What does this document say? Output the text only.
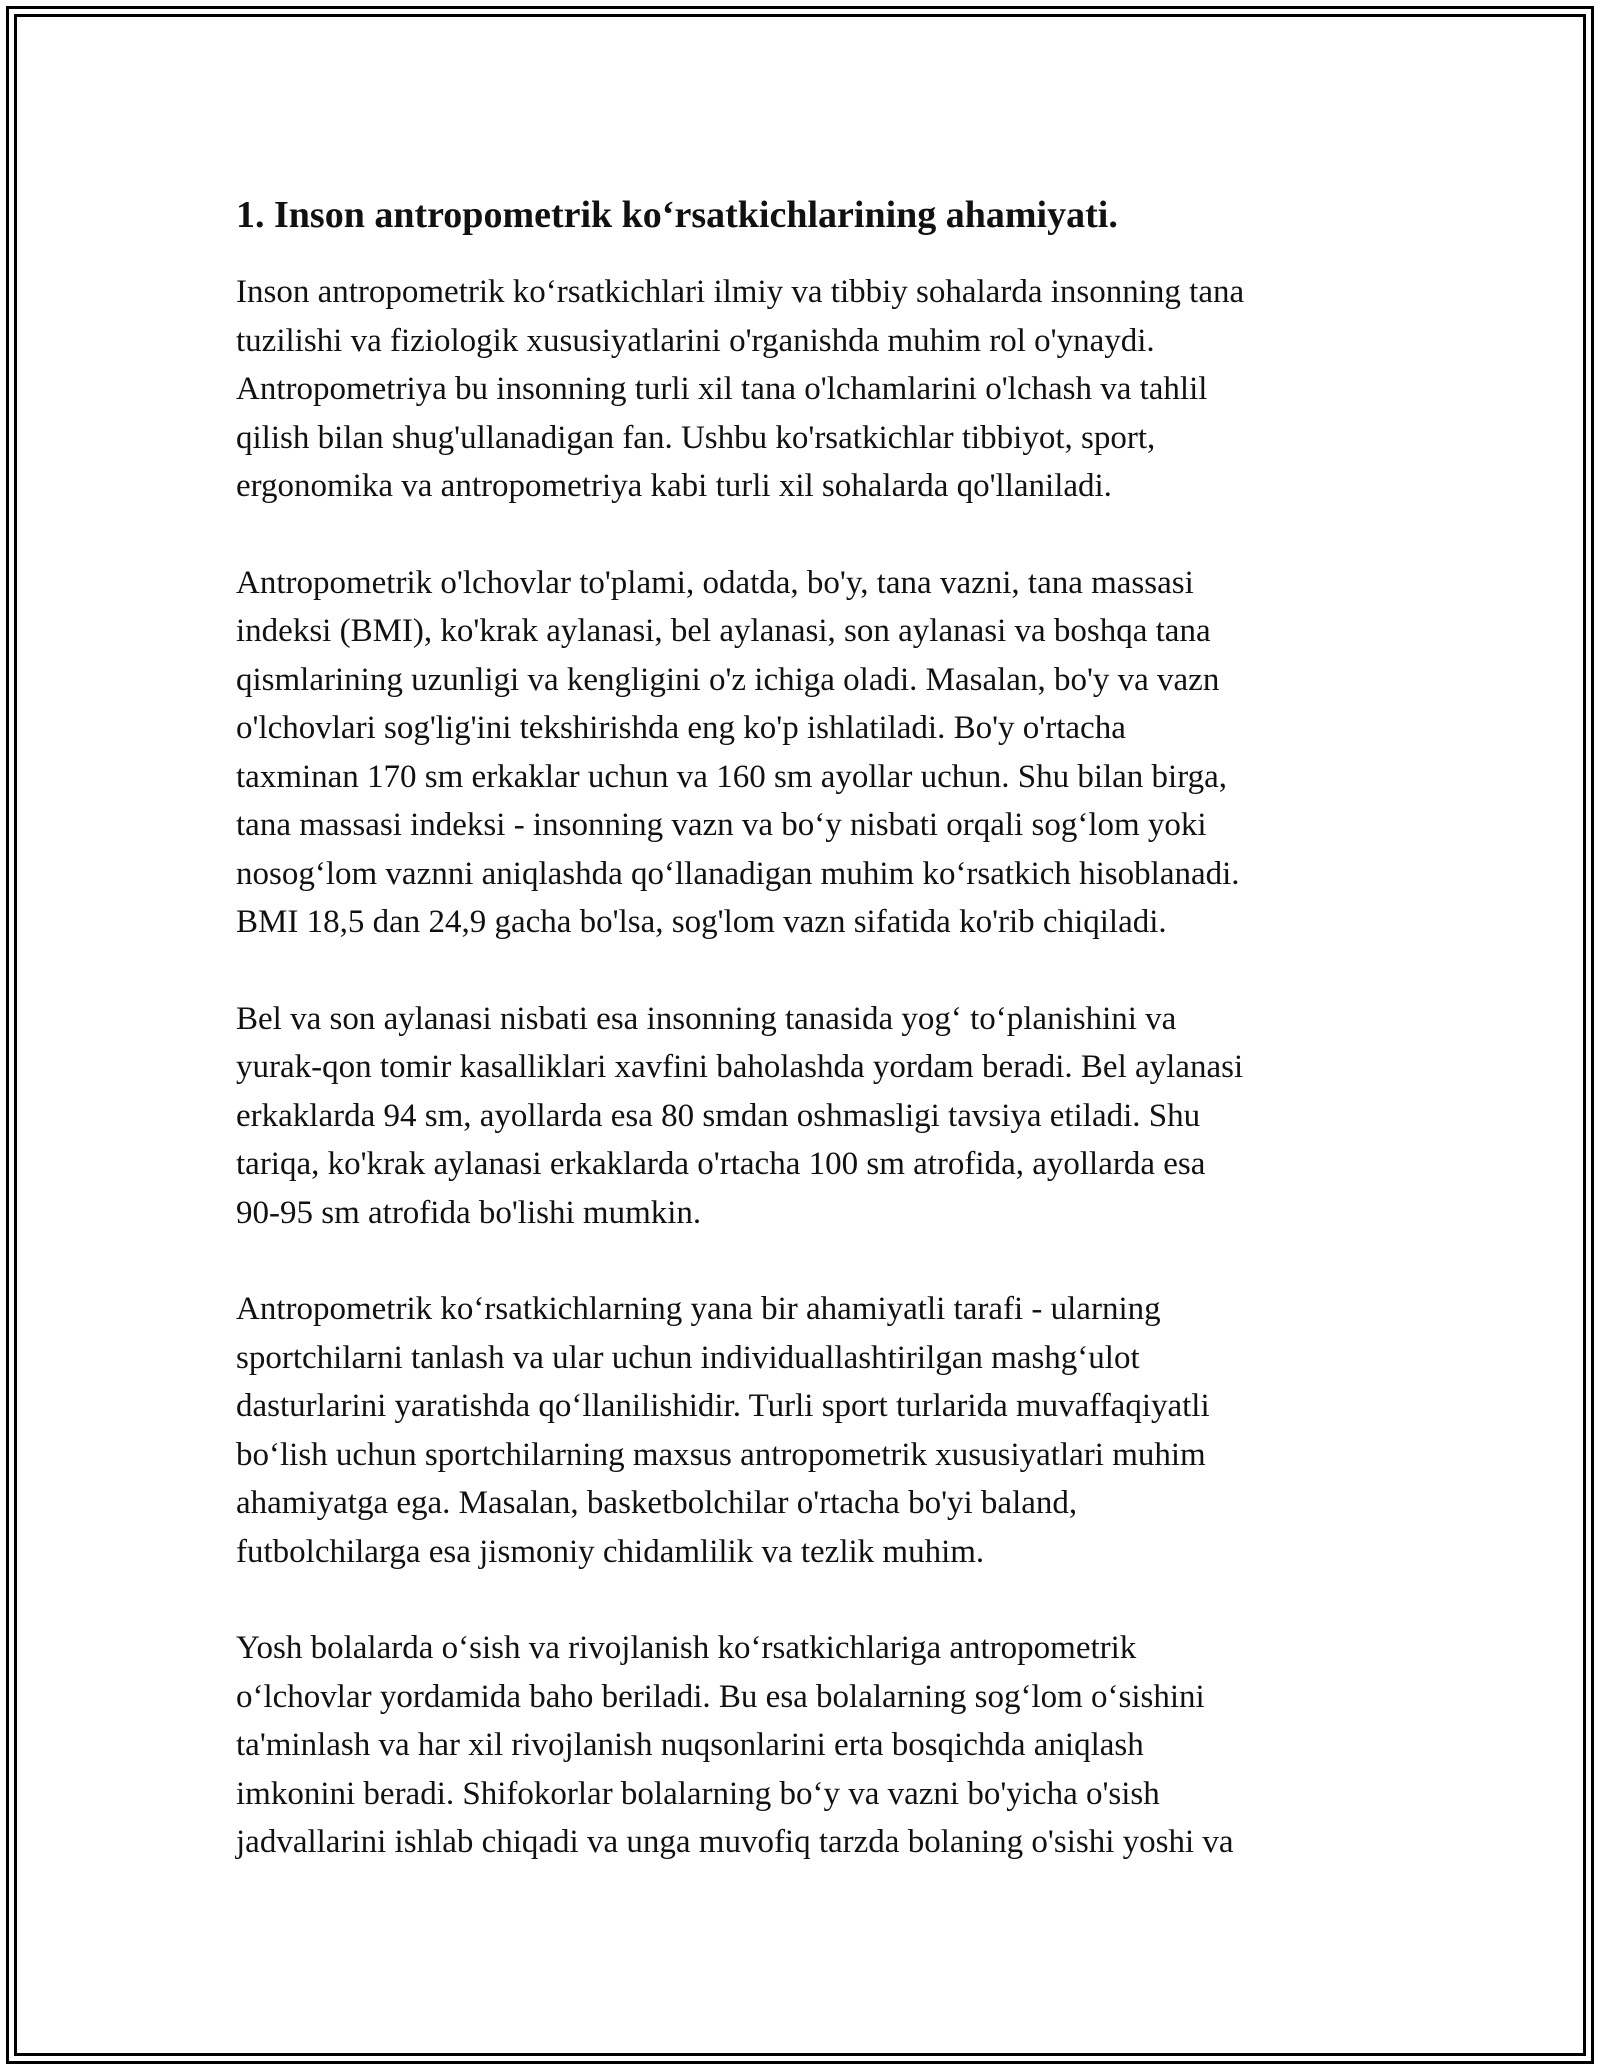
1. Inson antropometrik ko‘rsatkichlarining ahamiyati.
Inson antropometrik ko‘rsatkichlari ilmiy va tibbiy sohalarda insonning tana
tuzilishi va fiziologik xususiyatlarini o'rganishda muhim rol o'ynaydi.
Antropometriya bu insonning turli xil tana o'lchamlarini o'lchash va tahlil
qilish bilan shug'ullanadigan fan. Ushbu ko'rsatkichlar tibbiyot, sport,
ergonomika va antropometriya kabi turli xil sohalarda qo'llaniladi.
Antropometrik o'lchovlar to'plami, odatda, bo'y, tana vazni, tana massasi
indeksi (BMI), ko'krak aylanasi, bel aylanasi, son aylanasi va boshqa tana
qismlarining uzunligi va kengligini o'z ichiga oladi. Masalan, bo'y va vazn
o'lchovlari sog'lig'ini tekshirishda eng ko'p ishlatiladi. Bo'y o'rtacha
taxminan 170 sm erkaklar uchun va 160 sm ayollar uchun. Shu bilan birga,
tana massasi indeksi - insonning vazn va bo‘y nisbati orqali sog‘lom yoki
nosog‘lom vaznni aniqlashda qo‘llanadigan muhim ko‘rsatkich hisoblanadi.
BMI 18,5 dan 24,9 gacha bo'lsa, sog'lom vazn sifatida ko'rib chiqiladi.
Bel va son aylanasi nisbati esa insonning tanasida yog‘ to‘planishini va
yurak-qon tomir kasalliklari xavfini baholashda yordam beradi. Bel aylanasi
erkaklarda 94 sm, ayollarda esa 80 smdan oshmasligi tavsiya etiladi. Shu
tariqa, ko'krak aylanasi erkaklarda o'rtacha 100 sm atrofida, ayollarda esa
90-95 sm atrofida bo'lishi mumkin.
Antropometrik ko‘rsatkichlarning yana bir ahamiyatli tarafi - ularning
sportchilarni tanlash va ular uchun individuallashtirilgan mashg‘ulot
dasturlarini yaratishda qo‘llanilishidir. Turli sport turlarida muvaffaqiyatli
bo‘lish uchun sportchilarning maxsus antropometrik xususiyatlari muhim
ahamiyatga ega. Masalan, basketbolchilar o'rtacha bo'yi baland,
futbolchilarga esa jismoniy chidamlilik va tezlik muhim.
Yosh bolalarda o‘sish va rivojlanish ko‘rsatkichlariga antropometrik
o‘lchovlar yordamida baho beriladi. Bu esa bolalarning sog‘lom o‘sishini
ta'minlash va har xil rivojlanish nuqsonlarini erta bosqichda aniqlash
imkonini beradi. Shifokorlar bolalarning bo‘y va vazni bo'yicha o'sish
jadvallarini ishlab chiqadi va unga muvofiq tarzda bolaning o'sishi yoshi va
